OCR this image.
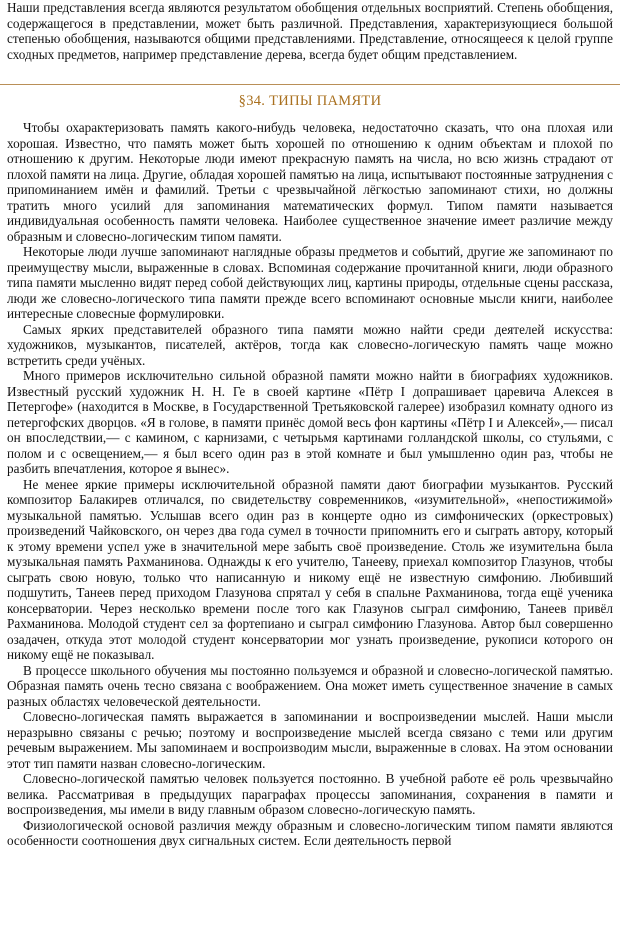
Наши представления всегда являются результатом обобщения отдельных восприятий. Степень обобщения, содержащегося в представлении, может быть различной. Представления, характеризующиеся большой степенью обобщения, называются общими представлениями. Представление, относящееся к целой группе сходных предметов, например представление дерева, всегда будет общим представлением.

§34. ТИПЫ ПАМЯТИ

Чтобы охарактеризовать память какого-нибудь человека, недостаточно сказать, что она плохая или хорошая. Известно, что память может быть хорошей по отношению к одним объектам и плохой по отношению к другим. Некоторые люди имеют прекрасную память на числа, но всю жизнь страдают от плохой памяти на лица. Другие, обладая хорошей памятью на лица, испытывают постоянные затруднения с припоминанием имён и фамилий. Третьи с чрезвычайной лёгкостью запоминают стихи, но должны тратить много усилий для запоминания математических формул. Типом памяти называется индивидуальная особенность памяти человека. Наиболее существенное значение имеет различие между образным и словесно-логическим типом памяти.

Некоторые люди лучше запоминают наглядные образы предметов и событий, другие же запоминают по преимуществу мысли, выраженные в словах. Вспоминая содержание прочитанной книги, люди образного типа памяти мысленно видят перед собой действующих лиц, картины природы, отдельные сцены рассказа, люди же словесно-логического типа памяти прежде всего вспоминают основные мысли книги, наиболее интересные словесные формулировки.

Самых ярких представителей образного типа памяти можно найти среди деятелей искусства: художников, музыкантов, писателей, актёров, тогда как словесно-логическую память чаще можно встретить среди учёных.

Много примеров исключительно сильной образной памяти можно найти в биографиях художников. Известный русский художник Н. Н. Ге в своей картине «Пётр I допрашивает царевича Алексея в Петергофе» (находится в Москве, в Государственной Третьяковской галерее) изобразил комнату одного из петергофских дворцов. «Я в голове, в памяти принёс домой весь фон картины «Пётр I и Алексей»,— писал он впоследствии,— с камином, с карнизами, с четырьмя картинами голландской школы, со стульями, с полом и с освещением,— я был всего один раз в этой комнате и был умышленно один раз, чтобы не разбить впечатления, которое я вынес».

Не менее яркие примеры исключительной образной памяти дают биографии музыкантов. Русский композитор Балакирев отличался, по свидетельству современников, «изумительной», «непостижимой» музыкальной памятью. Услышав всего один раз в концерте одно из симфонических (оркестровых) произведений Чайковского, он через два года сумел в точности припомнить его и сыграть автору, который к этому времени успел уже в значительной мере забыть своё произведение. Столь же изумительна была музыкальная память Рахманинова. Однажды к его учителю, Танееву, приехал композитор Глазунов, чтобы сыграть свою новую, только что написанную и никому ещё не известную симфонию. Любивший подшутить, Танеев перед приходом Глазунова спрятал у себя в спальне Рахманинова, тогда ещё ученика консерватории. Через несколько времени после того как Глазунов сыграл симфонию, Танеев привёл Рахманинова. Молодой студент сел за фортепиано и сыграл симфонию Глазунова. Автор был совершенно озадачен, откуда этот молодой студент консерватории мог узнать произведение, рукописи которого он никому ещё не показывал.

В процессе школьного обучения мы постоянно пользуемся и образной и словесно-логической памятью. Образная память очень тесно связана с воображением. Она может иметь существенное значение в самых разных областях человеческой деятельности.

Словесно-логическая память выражается в запоминании и воспроизведении мыслей. Наши мысли неразрывно связаны с речью; поэтому и воспроизведение мыслей всегда связано с теми или другим речевым выражением. Мы запоминаем и воспроизводим мысли, выраженные в словах. На этом основании этот тип памяти назван словесно-логическим.

Словесно-логической памятью человек пользуется постоянно. В учебной работе её роль чрезвычайно велика. Рассматривая в предыдущих параграфах процессы запоминания, сохранения в памяти и воспроизведения, мы имели в виду главным образом словесно-логическую память.

Физиологической основой различия между образным и словесно-логическим типом памяти являются особенности соотношения двух сигнальных систем. Если деятельность первой
